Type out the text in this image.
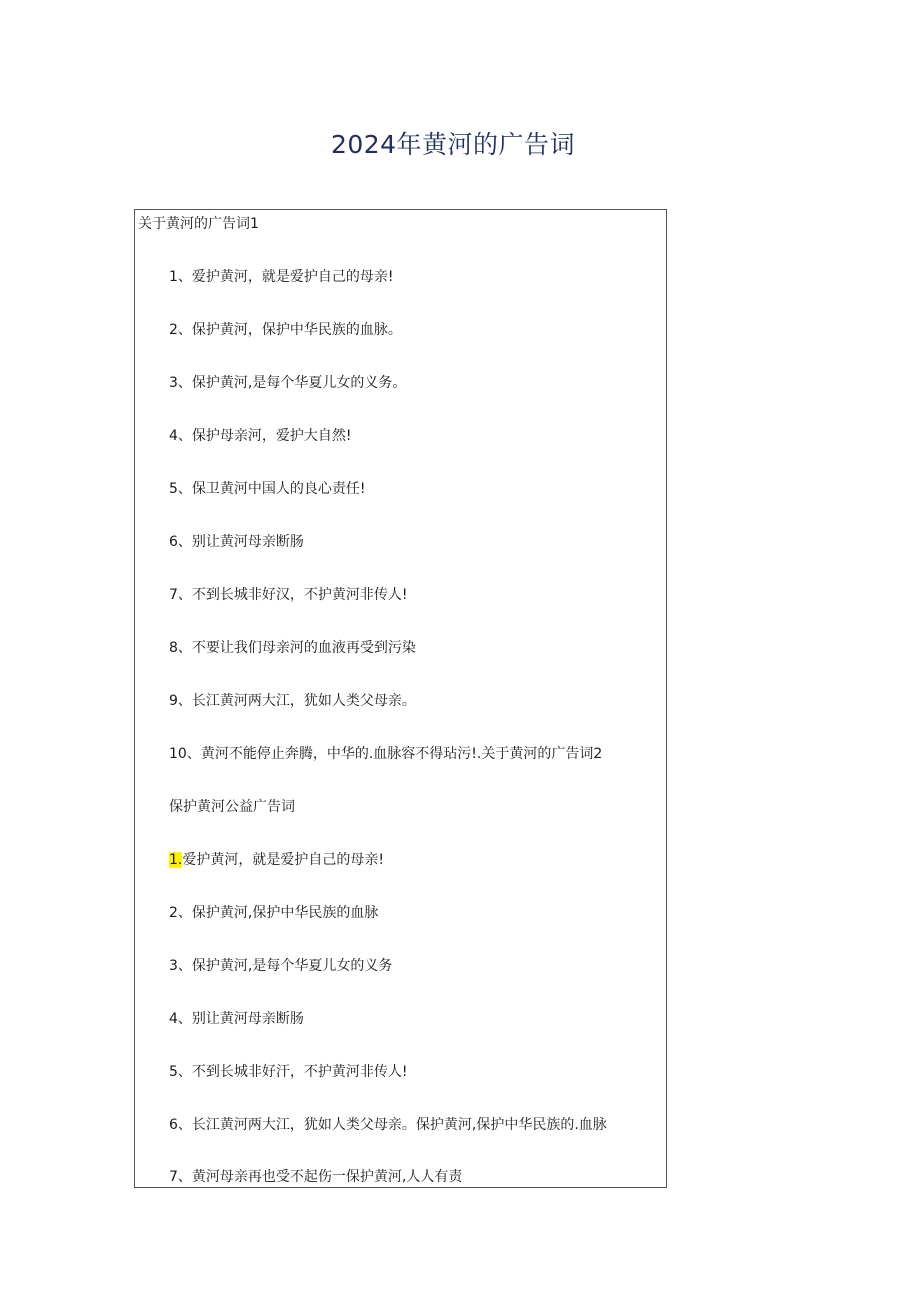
2024年黄河的广告词
关于黄河的广告词1
1、爱护黄河，就是爱护自己的母亲!
2、保护黄河，保护中华民族的血脉。
3、保护黄河,是每个华夏儿女的义务。
4、保护母亲河，爱护大自然!
5、保卫黄河中国人的良心责任!
6、别让黄河母亲断肠
7、不到长城非好汉，不护黄河非传人!
8、不要让我们母亲河的血液再受到污染
9、长江黄河两大江，犹如人类父母亲。
10、黄河不能停止奔腾，中华的.血脉容不得玷污!.关于黄河的广告词2
保护黄河公益广告词
1.爱护黄河，就是爱护自己的母亲!
2、保护黄河,保护中华民族的血脉
3、保护黄河,是每个华夏儿女的义务
4、别让黄河母亲断肠
5、不到长城非好汗，不护黄河非传人!
6、长江黄河两大江，犹如人类父母亲。保护黄河,保护中华民族的.血脉
7、黄河母亲再也受不起伤一保护黄河,人人有责
